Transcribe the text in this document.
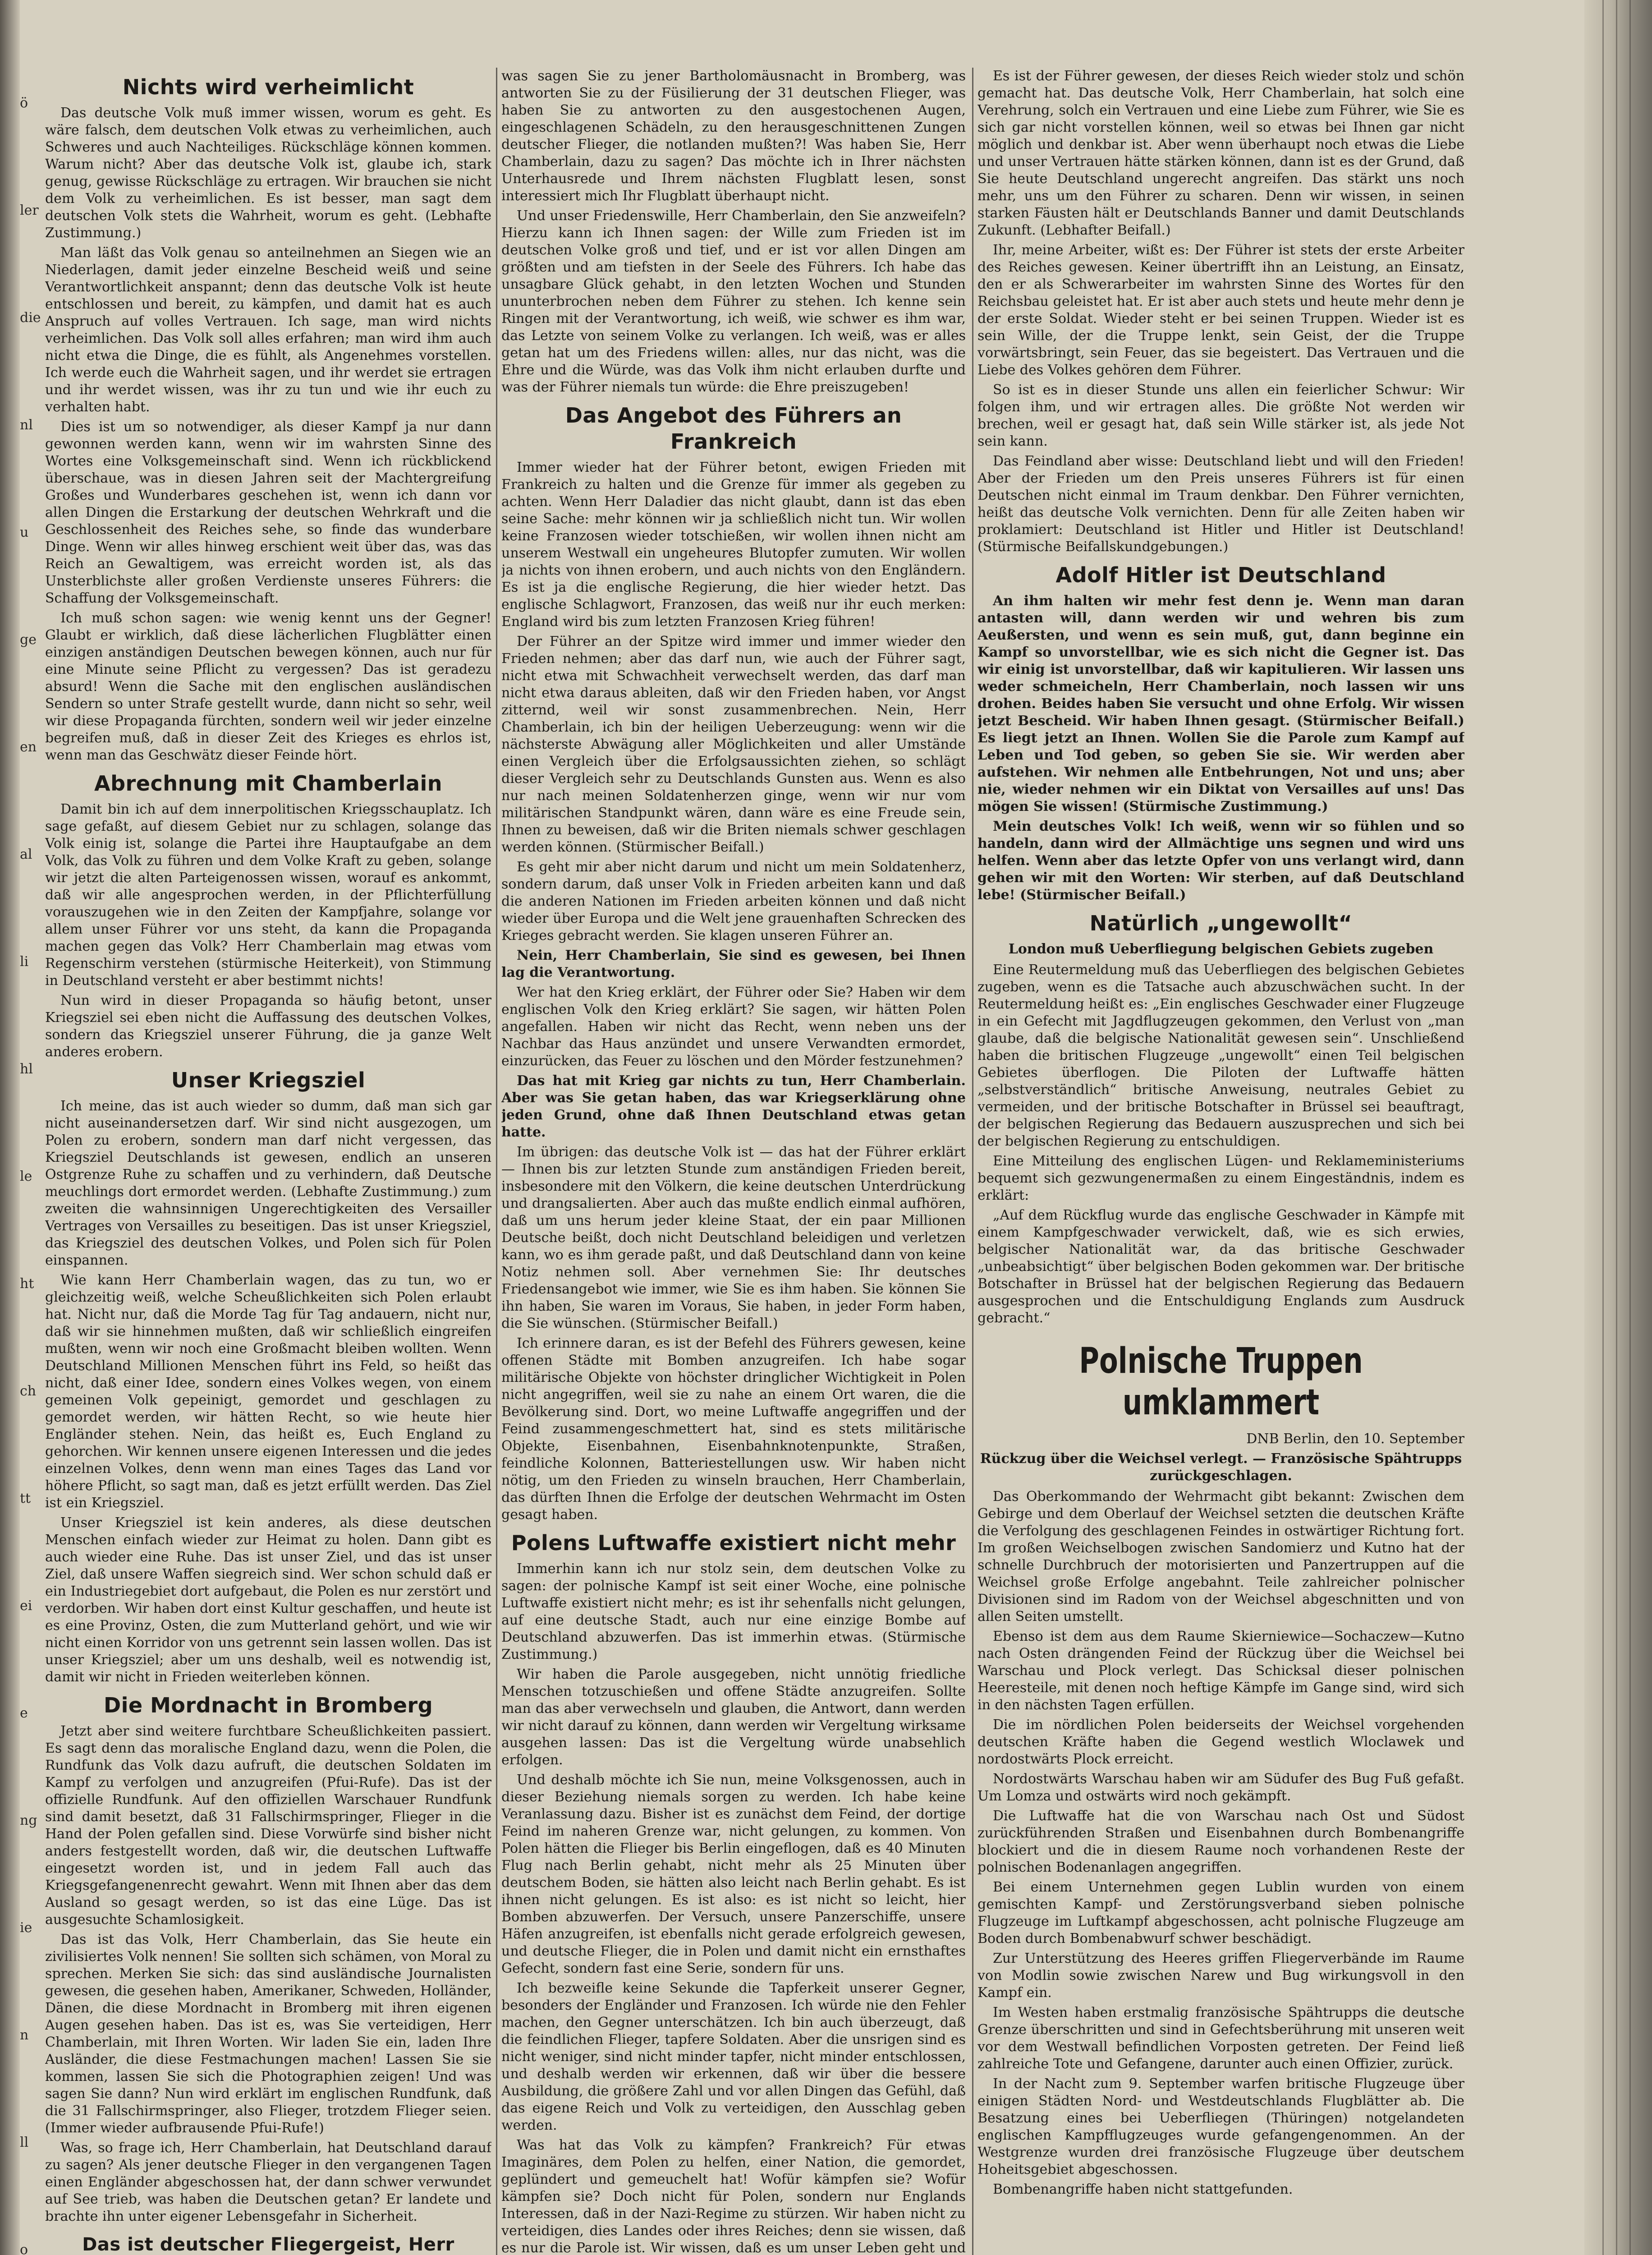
ö
ler
die
nl
u
ge
en
al
li
hl
le
ht
ch
tt
ei
e
ng
ie
n
ll
o
Nichts wird verheimlicht

Das deutsche Volk muß immer wissen, worum es geht. Es wäre falsch, dem deutschen Volk etwas zu verheimlichen, auch Schweres und auch Nachteiliges. Rückschläge können kommen. Warum nicht? Aber das deutsche Volk ist, glaube ich, stark genug, gewisse Rückschläge zu ertragen. Wir brauchen sie nicht dem Volk zu verheimlichen. Es ist besser, man sagt dem deutschen Volk stets die Wahrheit, worum es geht. (Lebhafte Zustimmung.)

Man läßt das Volk genau so anteilnehmen an Siegen wie an Niederlagen, damit jeder einzelne Bescheid weiß und seine Verantwortlichkeit anspannt; denn das deutsche Volk ist heute entschlossen und bereit, zu kämpfen, und damit hat es auch Anspruch auf volles Vertrauen. Ich sage, man wird nichts verheimlichen. Das Volk soll alles erfahren; man wird ihm auch nicht etwa die Dinge, die es fühlt, als Angenehmes vorstellen. Ich werde euch die Wahrheit sagen, und ihr werdet sie ertragen und ihr werdet wissen, was ihr zu tun und wie ihr euch zu verhalten habt.

Dies ist um so notwendiger, als dieser Kampf ja nur dann gewonnen werden kann, wenn wir im wahrsten Sinne des Wortes eine Volksgemeinschaft sind. Wenn ich rückblickend überschaue, was in diesen Jahren seit der Machtergreifung Großes und Wunderbares geschehen ist, wenn ich dann vor allen Dingen die Erstarkung der deutschen Wehrkraft und die Geschlossenheit des Reiches sehe, so finde das wunderbare Dinge. Wenn wir alles hinweg erschient weit über das, was das Reich an Gewaltigem, was erreicht worden ist, als das Unsterblichste aller großen Verdienste unseres Führers: die Schaffung der Volksgemeinschaft.

Ich muß schon sagen: wie wenig kennt uns der Gegner! Glaubt er wirklich, daß diese lächerlichen Flugblätter einen einzigen anständigen Deutschen bewegen können, auch nur für eine Minute seine Pflicht zu vergessen? Das ist geradezu absurd! Wenn die Sache mit den englischen ausländischen Sendern so unter Strafe gestellt wurde, dann nicht so sehr, weil wir diese Propaganda fürchten, sondern weil wir jeder einzelne begreifen muß, daß in dieser Zeit des Krieges es ehrlos ist, wenn man das Geschwätz dieser Feinde hört.

Abrechnung mit Chamberlain

Damit bin ich auf dem innerpolitischen Kriegsschauplatz. Ich sage gefaßt, auf diesem Gebiet nur zu schlagen, solange das Volk einig ist, solange die Partei ihre Hauptaufgabe an dem Volk, das Volk zu führen und dem Volke Kraft zu geben, solange wir jetzt die alten Parteigenossen wissen, worauf es ankommt, daß wir alle angesprochen werden, in der Pflichterfüllung vorauszugehen wie in den Zeiten der Kampfjahre, solange vor allem unser Führer vor uns steht, da kann die Propaganda machen gegen das Volk? Herr Chamberlain mag etwas vom Regenschirm verstehen (stürmische Heiterkeit), von Stimmung in Deutschland versteht er aber bestimmt nichts!

Nun wird in dieser Propaganda so häufig betont, unser Kriegsziel sei eben nicht die Auffassung des deutschen Volkes, sondern das Kriegsziel unserer Führung, die ja ganze Welt anderes erobern.

Unser Kriegsziel

Ich meine, das ist auch wieder so dumm, daß man sich gar nicht auseinandersetzen darf. Wir sind nicht ausgezogen, um Polen zu erobern, sondern man darf nicht vergessen, das Kriegsziel Deutschlands ist gewesen, endlich an unseren Ostgrenze Ruhe zu schaffen und zu verhindern, daß Deutsche meuchlings dort ermordet werden. (Lebhafte Zustimmung.) zum zweiten die wahnsinnigen Ungerechtigkeiten des Versailler Vertrages von Versailles zu beseitigen. Das ist unser Kriegsziel, das Kriegsziel des deutschen Volkes, und Polen sich für Polen einspannen.

Wie kann Herr Chamberlain wagen, das zu tun, wo er gleichzeitig weiß, welche Scheußlichkeiten sich Polen erlaubt hat. Nicht nur, daß die Morde Tag für Tag andauern, nicht nur, daß wir sie hinnehmen mußten, daß wir schließlich eingreifen mußten, wenn wir noch eine Großmacht bleiben wollten. Wenn Deutschland Millionen Menschen führt ins Feld, so heißt das nicht, daß einer Idee, sondern eines Volkes wegen, von einem gemeinen Volk gepeinigt, gemordet und geschlagen zu gemordet werden, wir hätten Recht, so wie heute hier Engländer stehen. Nein, das heißt es, Euch England zu gehorchen. Wir kennen unsere eigenen Interessen und die jedes einzelnen Volkes, denn wenn man eines Tages das Land vor höhere Pflicht, so sagt man, daß es jetzt erfüllt werden. Das Ziel ist ein Kriegsziel.

Unser Kriegsziel ist kein anderes, als diese deutschen Menschen einfach wieder zur Heimat zu holen. Dann gibt es auch wieder eine Ruhe. Das ist unser Ziel, und das ist unser Ziel, daß unsere Waffen siegreich sind. Wer schon schuld daß er ein Industriegebiet dort aufgebaut, die Polen es nur zerstört und verdorben. Wir haben dort einst Kultur geschaffen, und heute ist es eine Provinz, Osten, die zum Mutterland gehört, und wie wir nicht einen Korridor von uns getrennt sein lassen wollen. Das ist unser Kriegsziel; aber um uns deshalb, weil es notwendig ist, damit wir nicht in Frieden weiterleben können.

Die Mordnacht in Bromberg

Jetzt aber sind weitere furchtbare Scheußlichkeiten passiert. Es sagt denn das moralische England dazu, wenn die Polen, die Rundfunk das Volk dazu aufruft, die deutschen Soldaten im Kampf zu verfolgen und anzugreifen (Pfui-Rufe). Das ist der offizielle Rundfunk. Auf den offiziellen Warschauer Rundfunk sind damit besetzt, daß 31 Fallschirmspringer, Flieger in die Hand der Polen gefallen sind. Diese Vorwürfe sind bisher nicht anders festgestellt worden, daß wir, die deutschen Luftwaffe eingesetzt worden ist, und in jedem Fall auch das Kriegsgefangenenrecht gewahrt. Wenn mit Ihnen aber das dem Ausland so gesagt werden, so ist das eine Lüge. Das ist ausgesuchte Schamlosigkeit.

Das ist das Volk, Herr Chamberlain, das Sie heute ein zivilisiertes Volk nennen! Sie sollten sich schämen, von Moral zu sprechen. Merken Sie sich: das sind ausländische Journalisten gewesen, die gesehen haben, Amerikaner, Schweden, Holländer, Dänen, die diese Mordnacht in Bromberg mit ihren eigenen Augen gesehen haben. Das ist es, was Sie verteidigen, Herr Chamberlain, mit Ihren Worten. Wir laden Sie ein, laden Ihre Ausländer, die diese Festmachungen machen! Lassen Sie sie kommen, lassen Sie sich die Photographien zeigen! Und was sagen Sie dann? Nun wird erklärt im englischen Rundfunk, daß die 31 Fallschirmspringer, also Flieger, trotzdem Flieger seien. (Immer wieder aufbrausende Pfui-Rufe!)

Was, so frage ich, Herr Chamberlain, hat Deutschland darauf zu sagen? Als jener deutsche Flieger in den vergangenen Tagen einen Engländer abgeschossen hat, der dann schwer verwundet auf See trieb, was haben die Deutschen getan? Er landete und brachte ihn unter eigener Lebensgefahr in Sicherheit.

Das ist deutscher Fliegergeist, Herr

was sagen Sie zu jener Bartholomäusnacht in Bromberg, was antworten Sie zu der Füsilierung der 31 deutschen Flieger, was haben Sie zu antworten zu den ausgestochenen Augen, eingeschlagenen Schädeln, zu den herausgeschnittenen Zungen deutscher Flieger, die notlanden mußten?! Was haben Sie, Herr Chamberlain, dazu zu sagen? Das möchte ich in Ihrer nächsten Unterhausrede und Ihrem nächsten Flugblatt lesen, sonst interessiert mich Ihr Flugblatt überhaupt nicht.

Und unser Friedenswille, Herr Chamberlain, den Sie anzweifeln? Hierzu kann ich Ihnen sagen: der Wille zum Frieden ist im deutschen Volke groß und tief, und er ist vor allen Dingen am größten und am tiefsten in der Seele des Führers. Ich habe das unsagbare Glück gehabt, in den letzten Wochen und Stunden ununterbrochen neben dem Führer zu stehen. Ich kenne sein Ringen mit der Verantwortung, ich weiß, wie schwer es ihm war, das Letzte von seinem Volke zu verlangen. Ich weiß, was er alles getan hat um des Friedens willen: alles, nur das nicht, was die Ehre und die Würde, was das Volk ihm nicht erlauben durfte und was der Führer niemals tun würde: die Ehre preiszugeben!

Das Angebot des Führers an Frankreich

Immer wieder hat der Führer betont, ewigen Frieden mit Frankreich zu halten und die Grenze für immer als gegeben zu achten. Wenn Herr Daladier das nicht glaubt, dann ist das eben seine Sache: mehr können wir ja schließlich nicht tun. Wir wollen keine Franzosen wieder totschießen, wir wollen ihnen nicht am unserem Westwall ein ungeheures Blutopfer zumuten. Wir wollen ja nichts von ihnen erobern, und auch nichts von den Engländern. Es ist ja die englische Regierung, die hier wieder hetzt. Das englische Schlagwort, Franzosen, das weiß nur ihr euch merken: England wird bis zum letzten Franzosen Krieg führen!

Der Führer an der Spitze wird immer und immer wieder den Frieden nehmen; aber das darf nun, wie auch der Führer sagt, nicht etwa mit Schwachheit verwechselt werden, das darf man nicht etwa daraus ableiten, daß wir den Frieden haben, vor Angst zitternd, weil wir sonst zusammenbrechen. Nein, Herr Chamberlain, ich bin der heiligen Ueberzeugung: wenn wir die nächsterste Abwägung aller Möglichkeiten und aller Umstände einen Vergleich über die Erfolgsaussichten ziehen, so schlägt dieser Vergleich sehr zu Deutschlands Gunsten aus. Wenn es also nur nach meinen Soldatenherzen ginge, wenn wir nur vom militärischen Standpunkt wären, dann wäre es eine Freude sein, Ihnen zu beweisen, daß wir die Briten niemals schwer geschlagen werden können. (Stürmischer Beifall.)

Es geht mir aber nicht darum und nicht um mein Soldatenherz, sondern darum, daß unser Volk in Frieden arbeiten kann und daß die anderen Nationen im Frieden arbeiten können und daß nicht wieder über Europa und die Welt jene grauenhaften Schrecken des Krieges gebracht werden. Sie klagen unseren Führer an.

Nein, Herr Chamberlain, Sie sind es gewesen, bei Ihnen lag die Verantwortung.

Wer hat den Krieg erklärt, der Führer oder Sie? Haben wir dem englischen Volk den Krieg erklärt? Sie sagen, wir hätten Polen angefallen. Haben wir nicht das Recht, wenn neben uns der Nachbar das Haus anzündet und unsere Verwandten ermordet, einzurücken, das Feuer zu löschen und den Mörder festzunehmen?

Das hat mit Krieg gar nichts zu tun, Herr Chamberlain. Aber was Sie getan haben, das war Kriegserklärung ohne jeden Grund, ohne daß Ihnen Deutschland etwas getan hatte.

Im übrigen: das deutsche Volk ist — das hat der Führer erklärt — Ihnen bis zur letzten Stunde zum anständigen Frieden bereit, insbesondere mit den Völkern, die keine deutschen Unterdrückung und drangsalierten. Aber auch das mußte endlich einmal aufhören, daß um uns herum jeder kleine Staat, der ein paar Millionen Deutsche beißt, doch nicht Deutschland beleidigen und verletzen kann, wo es ihm gerade paßt, und daß Deutschland dann von keine Notiz nehmen soll. Aber vernehmen Sie: Ihr deutsches Friedensangebot wie immer, wie Sie es ihm haben. Sie können Sie ihn haben, Sie waren im Voraus, Sie haben, in jeder Form haben, die Sie wünschen. (Stürmischer Beifall.)

Ich erinnere daran, es ist der Befehl des Führers gewesen, keine offenen Städte mit Bomben anzugreifen. Ich habe sogar militärische Objekte von höchster dringlicher Wichtigkeit in Polen nicht angegriffen, weil sie zu nahe an einem Ort waren, die die Bevölkerung sind. Dort, wo meine Luftwaffe angegriffen und der Feind zusammengeschmettert hat, sind es stets militärische Objekte, Eisenbahnen, Eisenbahnknotenpunkte, Straßen, feindliche Kolonnen, Batteriestellungen usw. Wir haben nicht nötig, um den Frieden zu winseln brauchen, Herr Chamberlain, das dürften Ihnen die Erfolge der deutschen Wehrmacht im Osten gesagt haben.

Polens Luftwaffe existiert nicht mehr

Immerhin kann ich nur stolz sein, dem deutschen Volke zu sagen: der polnische Kampf ist seit einer Woche, eine polnische Luftwaffe existiert nicht mehr; es ist ihr sehenfalls nicht gelungen, auf eine deutsche Stadt, auch nur eine einzige Bombe auf Deutschland abzuwerfen. Das ist immerhin etwas. (Stürmische Zustimmung.)

Wir haben die Parole ausgegeben, nicht unnötig friedliche Menschen totzuschießen und offene Städte anzugreifen. Sollte man das aber verwechseln und glauben, die Antwort, dann werden wir nicht darauf zu können, dann werden wir Vergeltung wirksame ausgehen lassen: Das ist die Vergeltung würde unabsehlich erfolgen.

Und deshalb möchte ich Sie nun, meine Volksgenossen, auch in dieser Beziehung niemals sorgen zu werden. Ich habe keine Veranlassung dazu. Bisher ist es zunächst dem Feind, der dortige Feind im naheren Grenze war, nicht gelungen, zu kommen. Von Polen hätten die Flieger bis Berlin eingeflogen, daß es 40 Minuten Flug nach Berlin gehabt, nicht mehr als 25 Minuten über deutschem Boden, sie hätten also leicht nach Berlin gehabt. Es ist ihnen nicht gelungen. Es ist also: es ist nicht so leicht, hier Bomben abzuwerfen. Der Versuch, unsere Panzerschiffe, unsere Häfen anzugreifen, ist ebenfalls nicht gerade erfolgreich gewesen, und deutsche Flieger, die in Polen und damit nicht ein ernsthaftes Gefecht, sondern fast eine Serie, sondern für uns.

Ich bezweifle keine Sekunde die Tapferkeit unserer Gegner, besonders der Engländer und Franzosen. Ich würde nie den Fehler machen, den Gegner unterschätzen. Ich bin auch überzeugt, daß die feindlichen Flieger, tapfere Soldaten. Aber die unsrigen sind es nicht weniger, sind nicht minder tapfer, nicht minder entschlossen, und deshalb werden wir erkennen, daß wir über die bessere Ausbildung, die größere Zahl und vor allen Dingen das Gefühl, daß das eigene Reich und Volk zu verteidigen, den Ausschlag geben werden.

Was hat das Volk zu kämpfen? Frankreich? Für etwas Imaginäres, dem Polen zu helfen, einer Nation, die gemordet, geplündert und gemeuchelt hat! Wofür kämpfen sie? Wofür kämpfen sie? Doch nicht für Polen, sondern nur Englands Interessen, daß in der Nazi-Regime zu stürzen. Wir haben nicht zu verteidigen, dies Landes oder ihres Reiches; denn sie wissen, daß es nur die Parole ist. Wir wissen, daß es um unser Leben geht und

Es ist der Führer gewesen, der dieses Reich wieder stolz und schön gemacht hat. Das deutsche Volk, Herr Chamberlain, hat solch eine Verehrung, solch ein Vertrauen und eine Liebe zum Führer, wie Sie es sich gar nicht vorstellen können, weil so etwas bei Ihnen gar nicht möglich und denkbar ist. Aber wenn überhaupt noch etwas die Liebe und unser Vertrauen hätte stärken können, dann ist es der Grund, daß Sie heute Deutschland ungerecht angreifen. Das stärkt uns noch mehr, uns um den Führer zu scharen. Denn wir wissen, in seinen starken Fäusten hält er Deutschlands Banner und damit Deutschlands Zukunft. (Lebhafter Beifall.)

Ihr, meine Arbeiter, wißt es: Der Führer ist stets der erste Arbeiter des Reiches gewesen. Keiner übertrifft ihn an Leistung, an Einsatz, den er als Schwerarbeiter im wahrsten Sinne des Wortes für den Reichsbau geleistet hat. Er ist aber auch stets und heute mehr denn je der erste Soldat. Wieder steht er bei seinen Truppen. Wieder ist es sein Wille, der die Truppe lenkt, sein Geist, der die Truppe vorwärtsbringt, sein Feuer, das sie begeistert. Das Vertrauen und die Liebe des Volkes gehören dem Führer.

So ist es in dieser Stunde uns allen ein feierlicher Schwur: Wir folgen ihm, und wir ertragen alles. Die größte Not werden wir brechen, weil er gesagt hat, daß sein Wille stärker ist, als jede Not sein kann.

Das Feindland aber wisse: Deutschland liebt und will den Frieden! Aber der Frieden um den Preis unseres Führers ist für einen Deutschen nicht einmal im Traum denkbar. Den Führer vernichten, heißt das deutsche Volk vernichten. Denn für alle Zeiten haben wir proklamiert: Deutschland ist Hitler und Hitler ist Deutschland! (Stürmische Beifallskundgebungen.)

Adolf Hitler ist Deutschland

An ihm halten wir mehr fest denn je. Wenn man daran antasten will, dann werden wir und wehren bis zum Aeußersten, und wenn es sein muß, gut, dann beginne ein Kampf so unvorstellbar, wie es sich nicht die Gegner ist. Das wir einig ist unvorstellbar, daß wir kapitulieren. Wir lassen uns weder schmeicheln, Herr Chamberlain, noch lassen wir uns drohen. Beides haben Sie versucht und ohne Erfolg. Wir wissen jetzt Bescheid. Wir haben Ihnen gesagt. (Stürmischer Beifall.) Es liegt jetzt an Ihnen. Wollen Sie die Parole zum Kampf auf Leben und Tod geben, so geben Sie sie. Wir werden aber aufstehen. Wir nehmen alle Entbehrungen, Not und uns; aber nie, wieder nehmen wir ein Diktat von Versailles auf uns! Das mögen Sie wissen! (Stürmische Zustimmung.)

Mein deutsches Volk! Ich weiß, wenn wir so fühlen und so handeln, dann wird der Allmächtige uns segnen und wird uns helfen. Wenn aber das letzte Opfer von uns verlangt wird, dann gehen wir mit den Worten: Wir sterben, auf daß Deutschland lebe! (Stürmischer Beifall.)

Natürlich „ungewollt“
London muß Ueberfliegung belgischen Gebiets zugeben

Eine Reutermeldung muß das Ueberfliegen des belgischen Gebietes zugeben, wenn es die Tatsache auch abzuschwächen sucht. In der Reutermeldung heißt es: „Ein englisches Geschwader einer Flugzeuge in ein Gefecht mit Jagdflugzeugen gekommen, den Verlust von „man glaube, daß die belgische Nationalität gewesen sein“. Unschließend haben die britischen Flugzeuge „ungewollt“ einen Teil belgischen Gebietes überflogen. Die Piloten der Luftwaffe hätten „selbstverständlich“ britische Anweisung, neutrales Gebiet zu vermeiden, und der britische Botschafter in Brüssel sei beauftragt, der belgischen Regierung das Bedauern auszusprechen und sich bei der belgischen Regierung zu entschuldigen.

Eine Mitteilung des englischen Lügen- und Reklameministeriums bequemt sich gezwungenermaßen zu einem Eingeständnis, indem es erklärt:

„Auf dem Rückflug wurde das englische Geschwader in Kämpfe mit einem Kampfgeschwader verwickelt, daß, wie es sich erwies, belgischer Nationalität war, da das britische Geschwader „unbeabsichtigt“ über belgischen Boden gekommen war. Der britische Botschafter in Brüssel hat der belgischen Regierung das Bedauern ausgesprochen und die Entschuldigung Englands zum Ausdruck gebracht.“

Polnische Truppen umklammert
DNB Berlin, den 10. September
Rückzug über die Weichsel verlegt. — Französische Spähtrupps zurückgeschlagen.

Das Oberkommando der Wehrmacht gibt bekannt: Zwischen dem Gebirge und dem Oberlauf der Weichsel setzten die deutschen Kräfte die Verfolgung des geschlagenen Feindes in ostwärtiger Richtung fort. Im großen Weichselbogen zwischen Sandomierz und Kutno hat der schnelle Durchbruch der motorisierten und Panzertruppen auf die Weichsel große Erfolge angebahnt. Teile zahlreicher polnischer Divisionen sind im Radom von der Weichsel abgeschnitten und von allen Seiten umstellt.

Ebenso ist dem aus dem Raume Skierniewice—Sochaczew—Kutno nach Osten drängenden Feind der Rückzug über die Weichsel bei Warschau und Plock verlegt. Das Schicksal dieser polnischen Heeresteile, mit denen noch heftige Kämpfe im Gange sind, wird sich in den nächsten Tagen erfüllen.

Die im nördlichen Polen beiderseits der Weichsel vorgehenden deutschen Kräfte haben die Gegend westlich Wloclawek und nordostwärts Plock erreicht.

Nordostwärts Warschau haben wir am Südufer des Bug Fuß gefaßt. Um Lomza und ostwärts wird noch gekämpft.

Die Luftwaffe hat die von Warschau nach Ost und Südost zurückführenden Straßen und Eisenbahnen durch Bombenangriffe blockiert und die in diesem Raume noch vorhandenen Reste der polnischen Bodenanlagen angegriffen.

Bei einem Unternehmen gegen Lublin wurden von einem gemischten Kampf- und Zerstörungsverband sieben polnische Flugzeuge im Luftkampf abgeschossen, acht polnische Flugzeuge am Boden durch Bombenabwurf schwer beschädigt.

Zur Unterstützung des Heeres griffen Fliegerverbände im Raume von Modlin sowie zwischen Narew und Bug wirkungsvoll in den Kampf ein.

Im Westen haben erstmalig französische Spähtrupps die deutsche Grenze überschritten und sind in Gefechtsberührung mit unseren weit vor dem Westwall befindlichen Vorposten getreten. Der Feind ließ zahlreiche Tote und Gefangene, darunter auch einen Offizier, zurück.

In der Nacht zum 9. September warfen britische Flugzeuge über einigen Städten Nord- und Westdeutschlands Flugblätter ab. Die Besatzung eines bei Ueberfliegen (Thüringen) notgelandeten englischen Kampfflugzeuges wurde gefangengenommen. An der Westgrenze wurden drei französische Flugzeuge über deutschem Hoheitsgebiet abgeschossen.

Bombenangriffe haben nicht stattgefunden.
